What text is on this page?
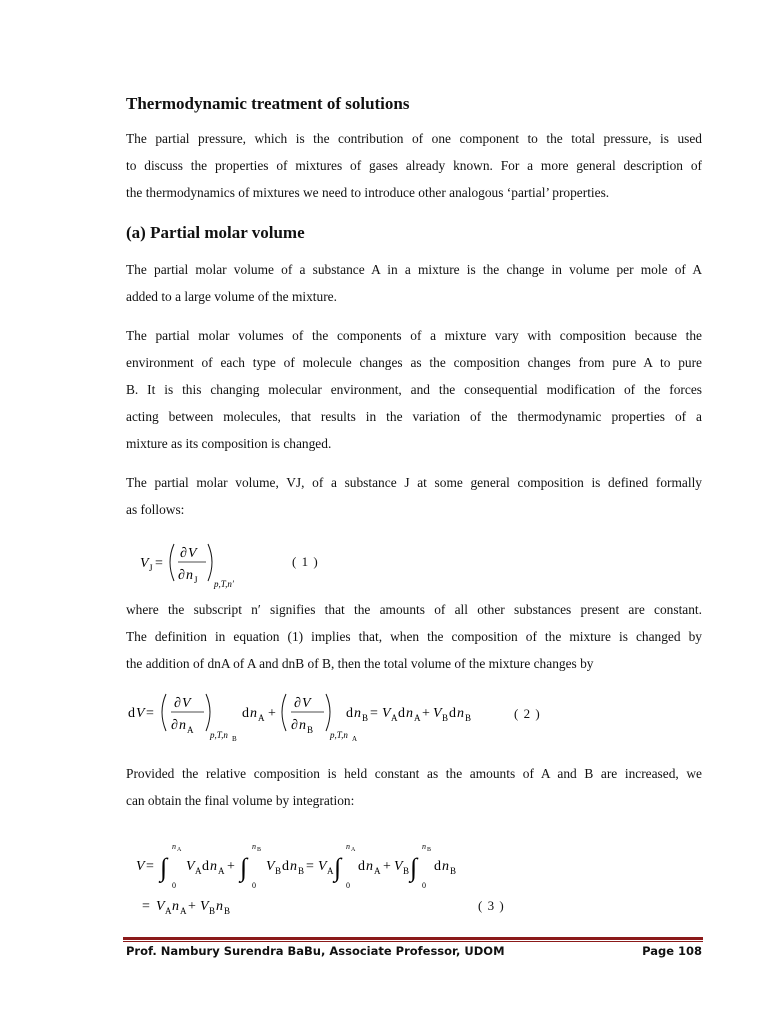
Thermodynamic treatment of solutions
The partial pressure, which is the contribution of one component to the total pressure, is used
to discuss the properties of mixtures of gases already known. For a more general description of
the thermodynamics of mixtures we need to introduce other analogous ‘partial’ properties.
(a) Partial molar volume
The partial molar volume of a substance A in a mixture is the change in volume per mole of A
added to a large volume of the mixture.
The partial molar volumes of the components of a mixture vary with composition because the
environment of each type of molecule changes as the composition changes from pure A to pure
B. It is this changing molecular environment, and the consequential modification of the forces
acting between molecules, that results in the variation of the thermodynamic properties of a
mixture as its composition is changed.
The partial molar volume, VJ, of a substance J at some general composition is defined formally
as follows:
V J =
∂ V
∂ n J p,T,n′
( 1 )
where the subscript n′ signifies that the amounts of all other substances present are constant.
The definition in equation (1) implies that, when the composition of the mixture is changed by
the addition of dnA of A and dnB of B, then the total volume of the mixture changes by
d V =
∂ V
∂ n A p,T,n B
d n A +
∂ V
∂ n B p,T,n A
d n B = V A d n A + V B d n B	( 2 )
Provided the relative composition is held constant as the amounts of A and B are increased, we
can obtain the final volume by integration:
V = ∫
n A
0
V A d n A + ∫
n B
0
V B d n B = V A ∫
n A
0
d n A + V B ∫
n B
0
d n B
= V A n A + V B n B	( 3 )
Prof. Nambury Surendra BaBu, Associate Professor, UDOM	Page 108
